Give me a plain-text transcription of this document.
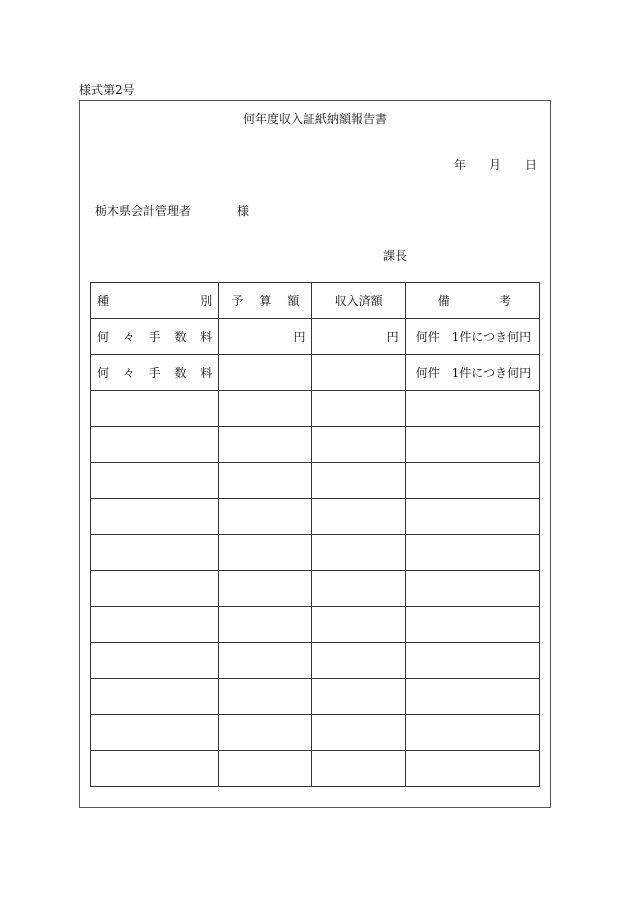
様式第2号
何年度収入証紙納額報告書
年 月 日
栃木県会計管理者	様
課長
種 別	予 算 額	収入済額	備 考

何 々 手 数 料	円	円	何件　1件につき何円

何 々 手 数 料			何件　1件につき何円
